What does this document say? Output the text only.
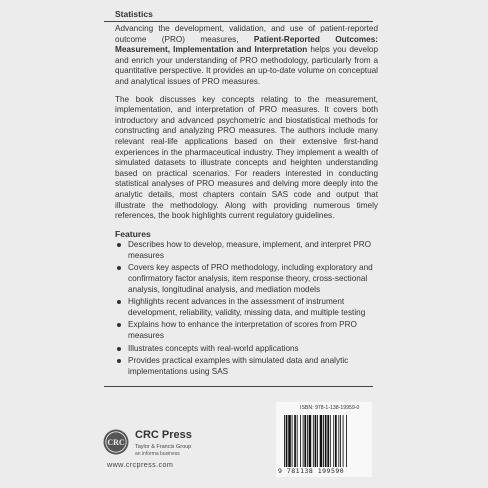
Statistics

Advancing the development, validation, and use of patient-reported outcome (PRO) measures, Patient-Reported Outcomes: Measurement, Implementation and Interpretation helps you develop and enrich your understanding of PRO methodology, particularly from a quantitative perspective. It provides an up-to-date volume on conceptual and analytical issues of PRO measures.

The book discusses key concepts relating to the measurement, implementation, and interpretation of PRO measures. It covers both introductory and advanced psychometric and biostatistical methods for constructing and analyzing PRO measures. The authors include many relevant real-life applications based on their extensive first-hand experiences in the pharmaceutical industry. They implement a wealth of simulated datasets to illustrate concepts and heighten understanding based on practical scenarios. For readers interested in conducting statistical analyses of PRO measures and delving more deeply into the analytic details, most chapters contain SAS code and output that illustrate the methodology. Along with providing numerous timely references, the book highlights current regulatory guidelines.

Features
Describes how to develop, measure, implement, and interpret PRO measures
Covers key aspects of PRO methodology, including exploratory and confirmatory factor analysis, item response theory, cross-sectional analysis, longitudinal analysis, and mediation models
Highlights recent advances in the assessment of instrument development, reliability, validity, missing data, and multiple testing
Explains how to enhance the interpretation of scores from PRO measures
Illustrates concepts with real-world applications
Provides practical examples with simulated data and analytic implementations using SAS
CRC
CRC Press
Taylor & Francis Group
an informa business
www.crcpress.com
ISBN: 978-1-138-19959-0
9 781138 199590
